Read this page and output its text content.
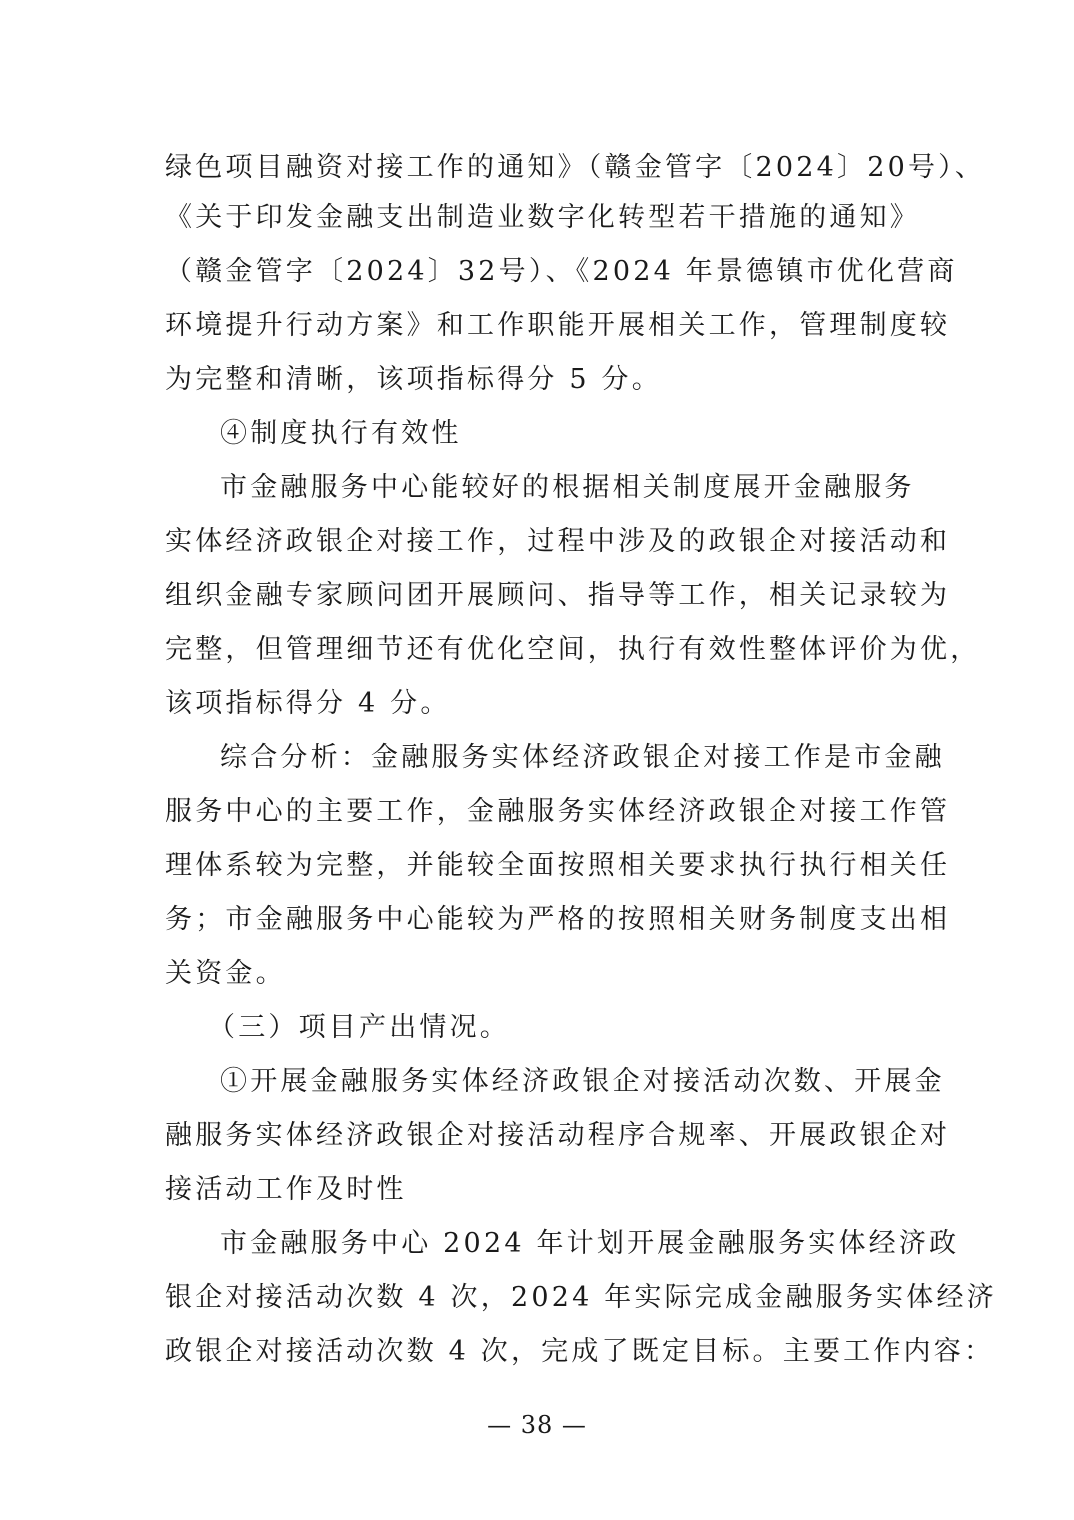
绿色项目融资对接工作的通知》（赣金管字〔2024〕20号）、
《关于印发金融支出制造业数字化转型若干措施的通知》
（赣金管字〔2024〕32号）、《2024 年景德镇市优化营商
环境提升行动方案》和工作职能开展相关工作，管理制度较
为完整和清晰，该项指标得分 5 分。
④制度执行有效性
市金融服务中心能较好的根据相关制度展开金融服务
实体经济政银企对接工作，过程中涉及的政银企对接活动和
组织金融专家顾问团开展顾问、指导等工作，相关记录较为
完整，但管理细节还有优化空间，执行有效性整体评价为优，
该项指标得分 4 分。
综合分析：金融服务实体经济政银企对接工作是市金融
服务中心的主要工作，金融服务实体经济政银企对接工作管
理体系较为完整，并能较全面按照相关要求执行执行相关任
务；市金融服务中心能较为严格的按照相关财务制度支出相
关资金。
（三）项目产出情况。
①开展金融服务实体经济政银企对接活动次数、开展金
融服务实体经济政银企对接活动程序合规率、开展政银企对
接活动工作及时性
市金融服务中心 2024 年计划开展金融服务实体经济政
银企对接活动次数 4 次，2024 年实际完成金融服务实体经济
政银企对接活动次数 4 次，完成了既定目标。主要工作内容：
— 38 —
